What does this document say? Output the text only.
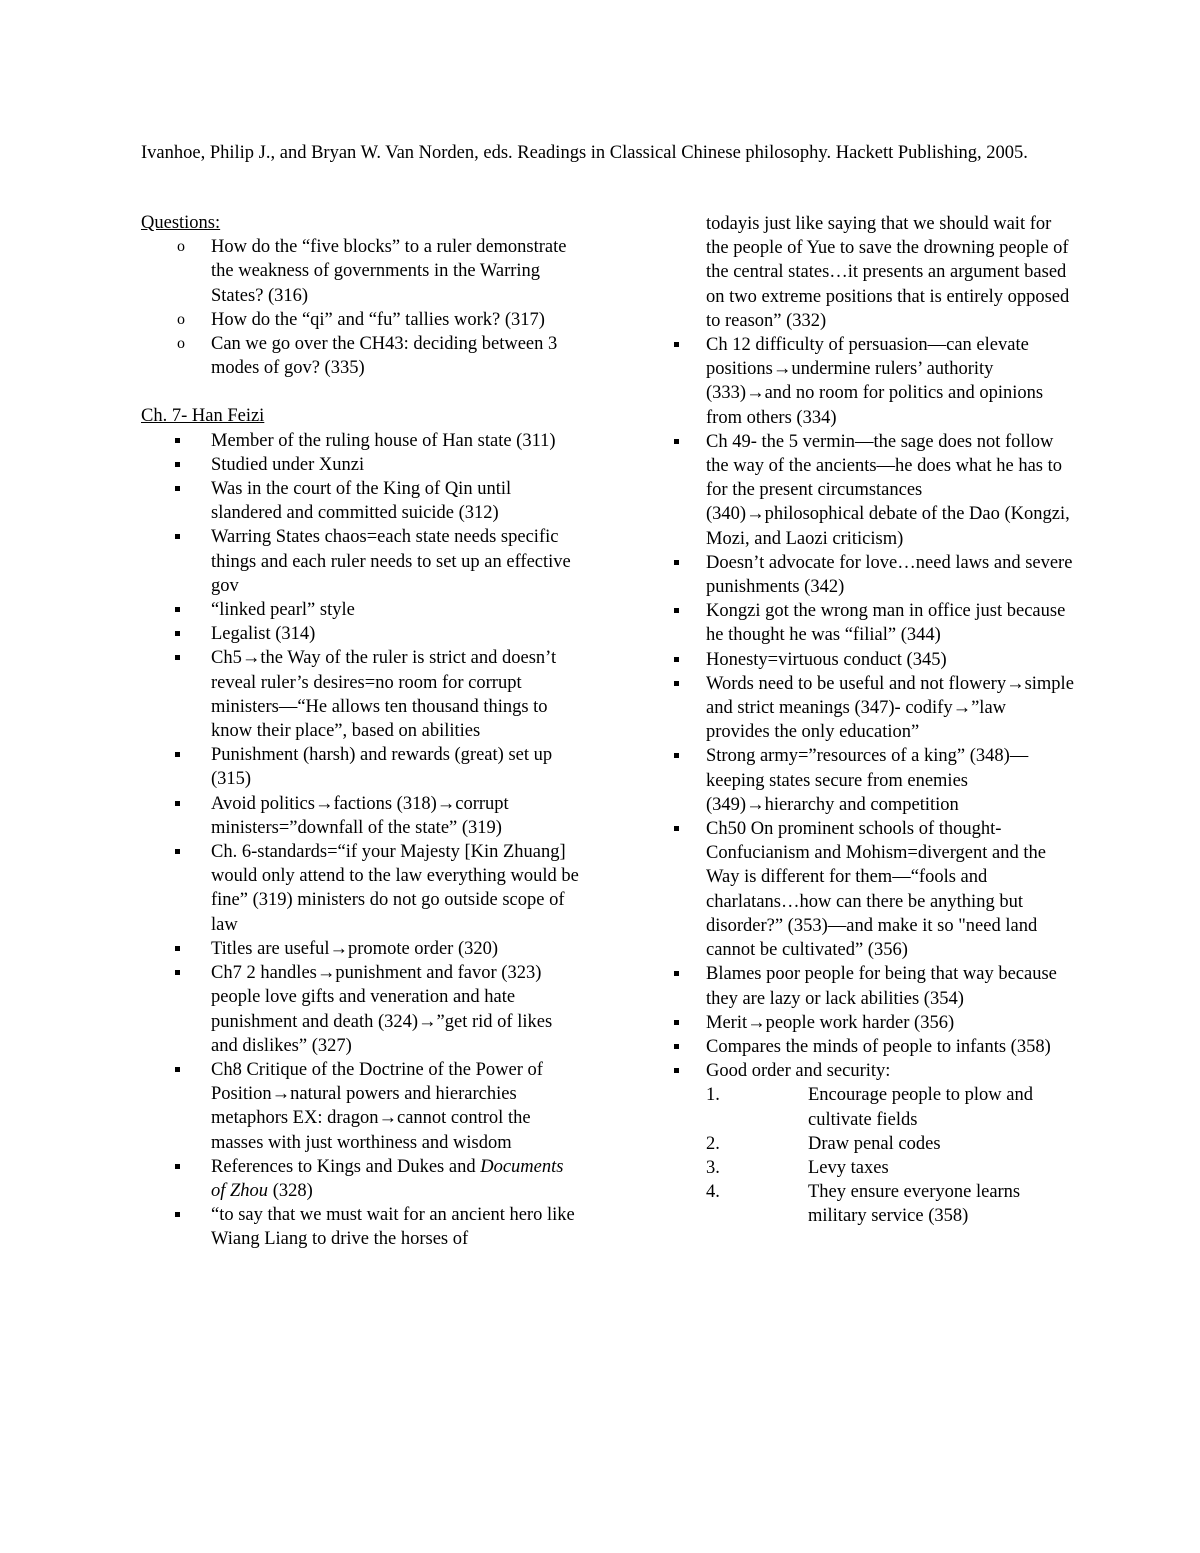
Ivanhoe, Philip J., and Bryan W. Van Norden, eds. Readings in Classical Chinese philosophy. Hackett Publishing, 2005.

Questions:

o How do the “five blocks” to a ruler demonstrate the weakness of governments in the Warring States? (316)
o How do the “qi” and “fu” tallies work? (317)
o Can we go over the CH43: deciding between 3 modes of gov? (335)

Ch. 7- Han Feizi

Member of the ruling house of Han state (311)
Studied under Xunzi
Was in the court of the King of Qin until slandered and committed suicide (312)
Warring States chaos=each state needs specific things and each ruler needs to set up an effective gov
“linked pearl” style
Legalist (314)
Ch5→the Way of the ruler is strict and doesn’t reveal ruler’s desires=no room for corrupt ministers—“He allows ten thousand things to know their place”, based on abilities
Punishment (harsh) and rewards (great) set up (315)
Avoid politics→factions (318)→corrupt ministers=”downfall of the state” (319)
Ch. 6-standards=“if your Majesty [Kin Zhuang] would only attend to the law everything would be fine” (319) ministers do not go outside scope of law
Titles are useful→promote order (320)
Ch7 2 handles→punishment and favor (323) people love gifts and veneration and hate punishment and death (324)→”get rid of likes and dislikes” (327)
Ch8 Critique of the Doctrine of the Power of Position→natural powers and hierarchies metaphors EX: dragon→cannot control the masses with just worthiness and wisdom
References to Kings and Dukes and Documents of Zhou (328)
“to say that we must wait for an ancient hero like Wiang Liang to drive the horses of
todayis just like saying that we should wait for the people of Yue to save the drowning people of the central states…it presents an argument based on two extreme positions that is entirely opposed to reason” (332)
Ch 12 difficulty of persuasion—can elevate positions→undermine rulers’ authority (333)→and no room for politics and opinions from others (334)
Ch 49- the 5 vermin—the sage does not follow the way of the ancients—he does what he has to for the present circumstances (340)→philosophical debate of the Dao (Kongzi, Mozi, and Laozi criticism)
Doesn’t advocate for love…need laws and severe punishments (342)
Kongzi got the wrong man in office just because he thought he was “filial” (344)
Honesty=virtuous conduct (345)
Words need to be useful and not flowery→simple and strict meanings (347)- codify→”law provides the only education”
Strong army=”resources of a king” (348)—keeping states secure from enemies (349)→hierarchy and competition
Ch50 On prominent schools of thought- Confucianism and Mohism=divergent and the Way is different for them—“fools and charlatans…how can there be anything but disorder?” (353)—and make it so "need land cannot be cultivated” (356)
Blames poor people for being that way because they are lazy or lack abilities (354)
Merit→people work harder (356)
Compares the minds of people to infants (358)
Good order and security:
1.	Encourage people to plow and cultivate fields
2.	Draw penal codes
3.	Levy taxes
4.	They ensure everyone learns military service (358)
